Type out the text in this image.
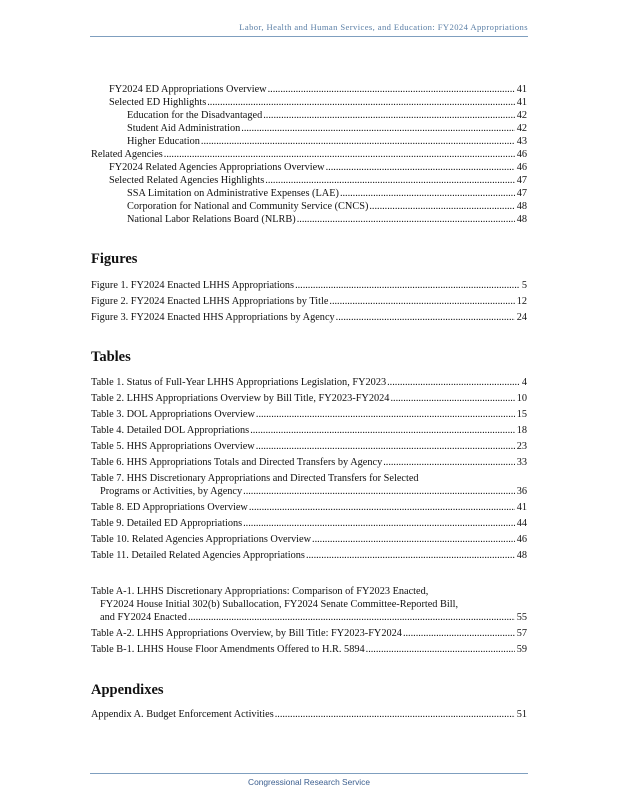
Labor, Health and Human Services, and Education: FY2024 Appropriations
FY2024 ED Appropriations Overview . . .	41
Selected ED Highlights . . .	41
Education for the Disadvantaged . . .	42
Student Aid Administration . . .	42
Higher Education . . .	43
Related Agencies . . .	46
FY2024 Related Agencies Appropriations Overview . . .	46
Selected Related Agencies Highlights . . .	47
SSA Limitation on Administrative Expenses (LAE) . . .	47
Corporation for National and Community Service (CNCS) . . .	48
National Labor Relations Board (NLRB) . . .	48
Figures
Figure 1. FY2024 Enacted LHHS Appropriations . . .	5
Figure 2. FY2024 Enacted LHHS Appropriations by Title . . .	12
Figure 3. FY2024 Enacted HHS Appropriations by Agency . . .	24
Tables
Table 1. Status of Full-Year LHHS Appropriations Legislation, FY2023 . . .	4
Table 2. LHHS Appropriations Overview by Bill Title, FY2023-FY2024 . . .	10
Table 3. DOL Appropriations Overview . . .	15
Table 4. Detailed DOL Appropriations . . .	18
Table 5. HHS Appropriations Overview . . .	23
Table 6. HHS Appropriations Totals and Directed Transfers by Agency . . .	33
Table 7. HHS Discretionary Appropriations and Directed Transfers for Selected
Programs or Activities, by Agency . . .	36
Table 8. ED Appropriations Overview . . .	41
Table 9. Detailed ED Appropriations . . .	44
Table 10. Related Agencies Appropriations Overview . . .	46
Table 11. Detailed Related Agencies Appropriations . . .	48
Table A-1. LHHS Discretionary Appropriations: Comparison of FY2023 Enacted,
FY2024 House Initial 302(b) Suballocation, FY2024 Senate Committee-Reported Bill,
and FY2024 Enacted . . .	55
Table A-2. LHHS Appropriations Overview, by Bill Title: FY2023-FY2024 . . .	57
Table B-1. LHHS House Floor Amendments Offered to H.R. 5894 . . .	59
Appendixes
Appendix A. Budget Enforcement Activities . . .	51
Congressional Research Service
